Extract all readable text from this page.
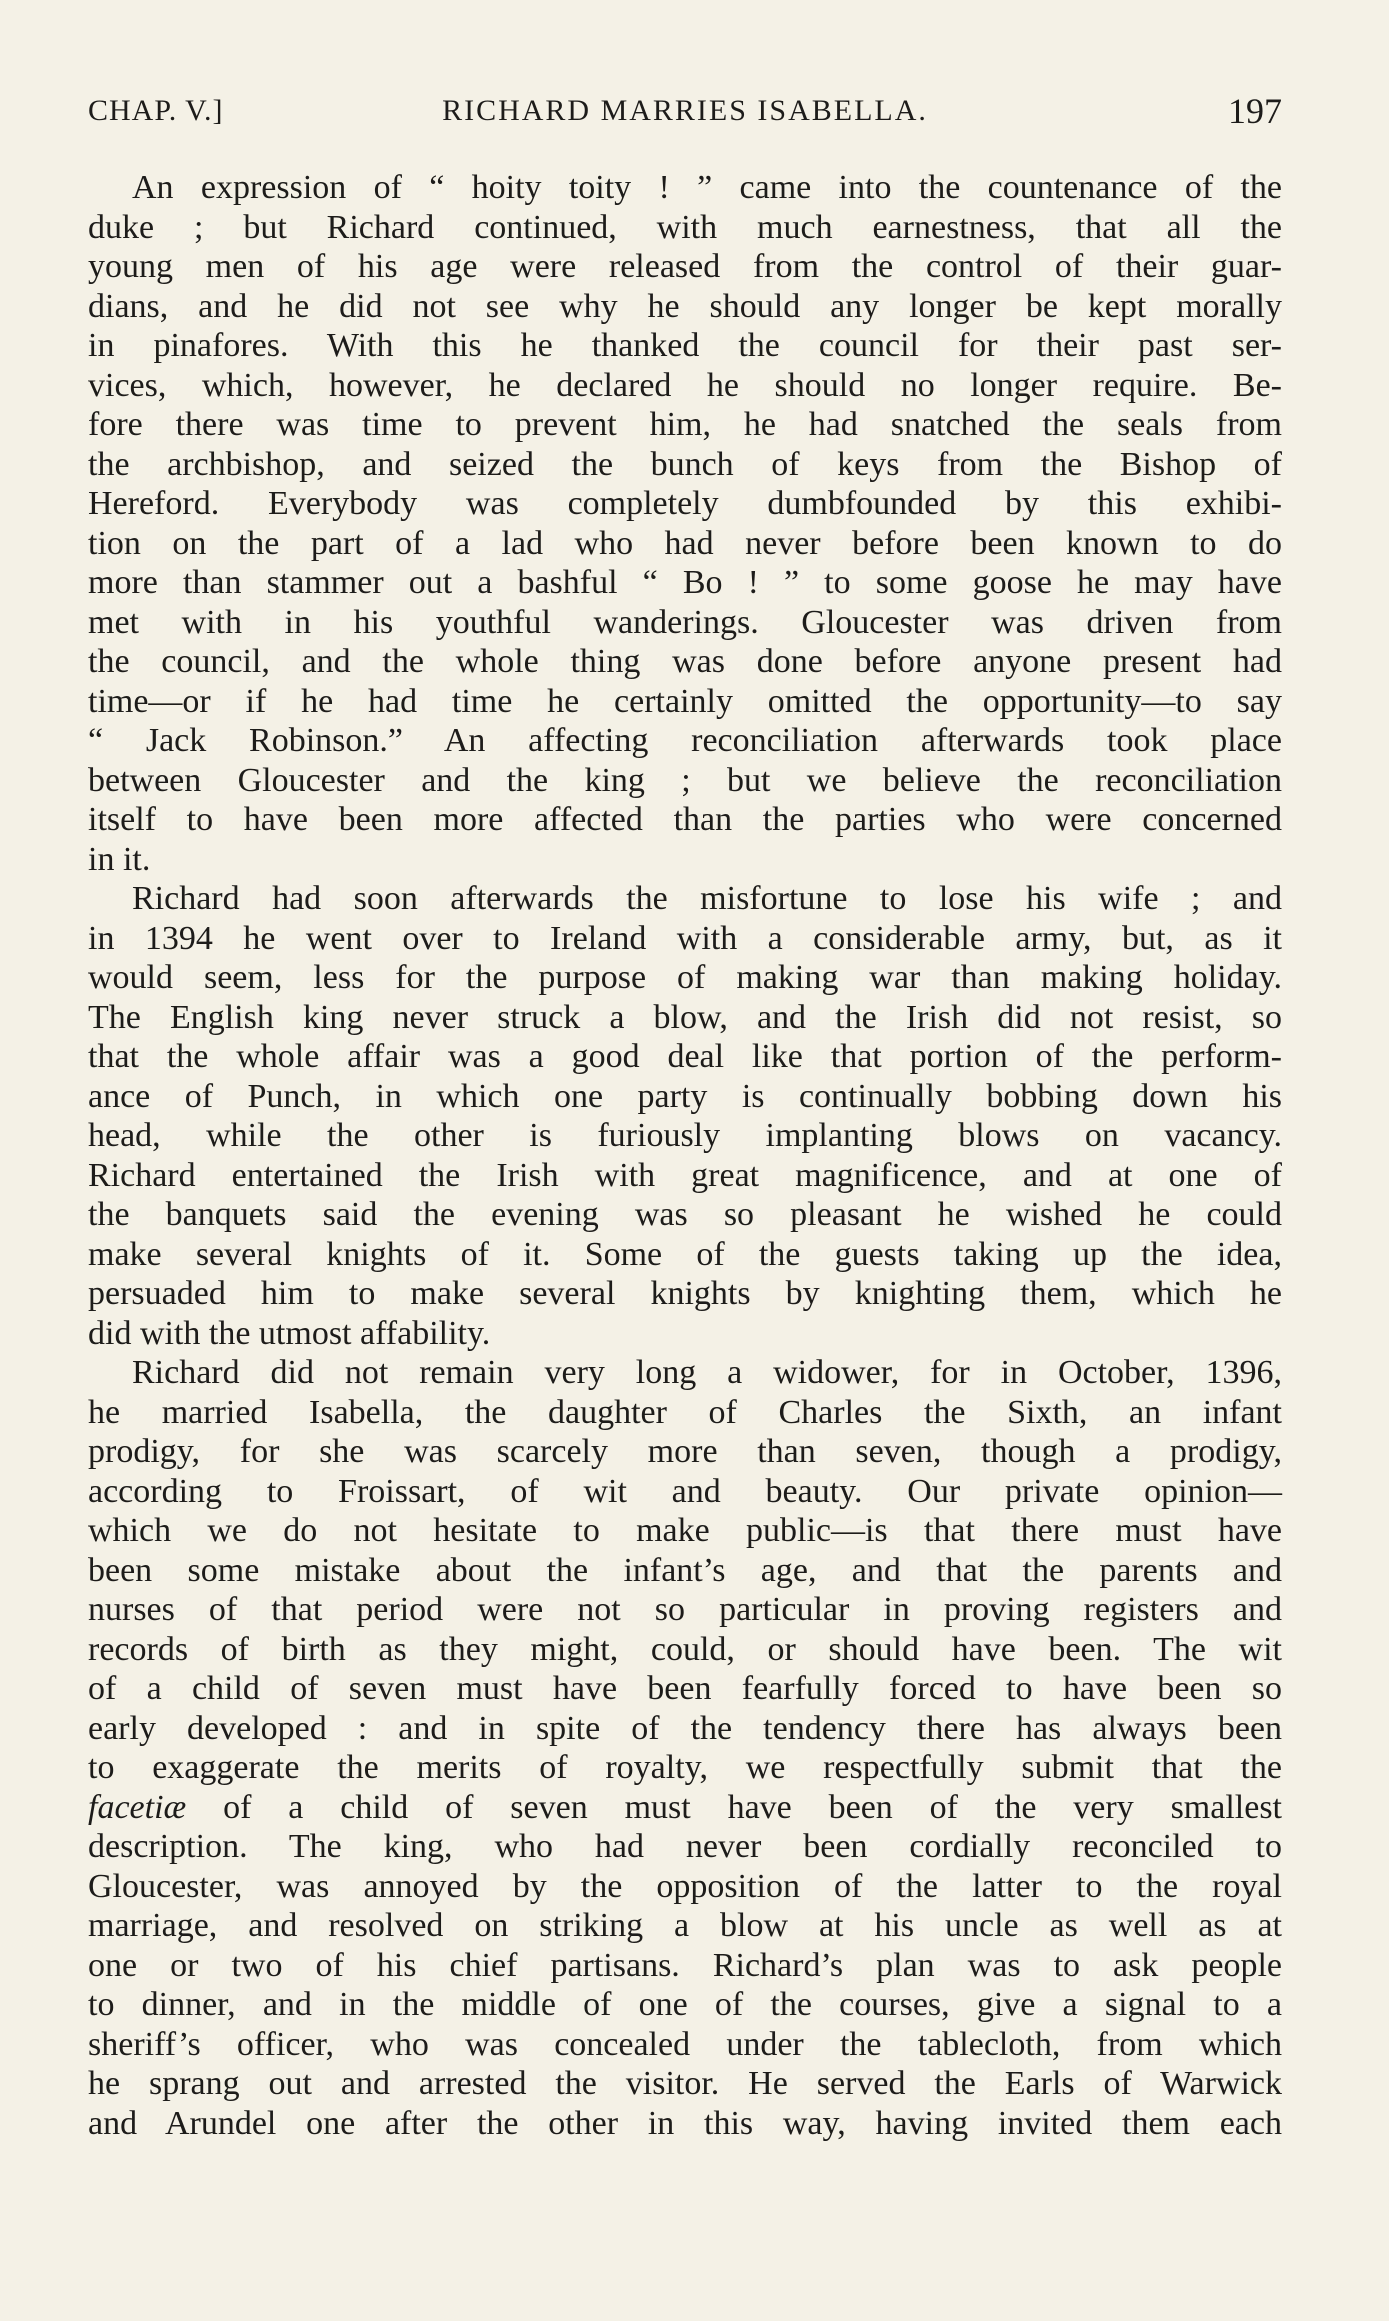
CHAP. V.]	RICHARD MARRIES ISABELLA.	197
An expression of “ hoity toity ! ” came into the countenance of the
duke ; but Richard continued, with much earnestness, that all the
young men of his age were released from the control of their guar-
dians, and he did not see why he should any longer be kept morally
in pinafores. With this he thanked the council for their past ser-
vices, which, however, he declared he should no longer require. Be-
fore there was time to prevent him, he had snatched the seals from
the archbishop, and seized the bunch of keys from the Bishop of
Hereford. Everybody was completely dumbfounded by this exhibi-
tion on the part of a lad who had never before been known to do
more than stammer out a bashful “ Bo ! ” to some goose he may have
met with in his youthful wanderings. Gloucester was driven from
the council, and the whole thing was done before anyone present had
time—or if he had time he certainly omitted the opportunity—to say
“ Jack Robinson.” An affecting reconciliation afterwards took place
between Gloucester and the king ; but we believe the reconciliation
itself to have been more affected than the parties who were concerned
in it.
Richard had soon afterwards the misfortune to lose his wife ; and
in 1394 he went over to Ireland with a considerable army, but, as it
would seem, less for the purpose of making war than making holiday.
The English king never struck a blow, and the Irish did not resist, so
that the whole affair was a good deal like that portion of the perform-
ance of Punch, in which one party is continually bobbing down his
head, while the other is furiously implanting blows on vacancy.
Richard entertained the Irish with great magnificence, and at one of
the banquets said the evening was so pleasant he wished he could
make several knights of it. Some of the guests taking up the idea,
persuaded him to make several knights by knighting them, which he
did with the utmost affability.
Richard did not remain very long a widower, for in October, 1396,
he married Isabella, the daughter of Charles the Sixth, an infant
prodigy, for she was scarcely more than seven, though a prodigy,
according to Froissart, of wit and beauty. Our private opinion—
which we do not hesitate to make public—is that there must have
been some mistake about the infant’s age, and that the parents and
nurses of that period were not so particular in proving registers and
records of birth as they might, could, or should have been. The wit
of a child of seven must have been fearfully forced to have been so
early developed : and in spite of the tendency there has always been
to exaggerate the merits of royalty, we respectfully submit that the
facetiæ of a child of seven must have been of the very smallest
description. The king, who had never been cordially reconciled to
Gloucester, was annoyed by the opposition of the latter to the royal
marriage, and resolved on striking a blow at his uncle as well as at
one or two of his chief partisans. Richard’s plan was to ask people
to dinner, and in the middle of one of the courses, give a signal to a
sheriff’s officer, who was concealed under the tablecloth, from which
he sprang out and arrested the visitor. He served the Earls of Warwick
and Arundel one after the other in this way, having invited them each
